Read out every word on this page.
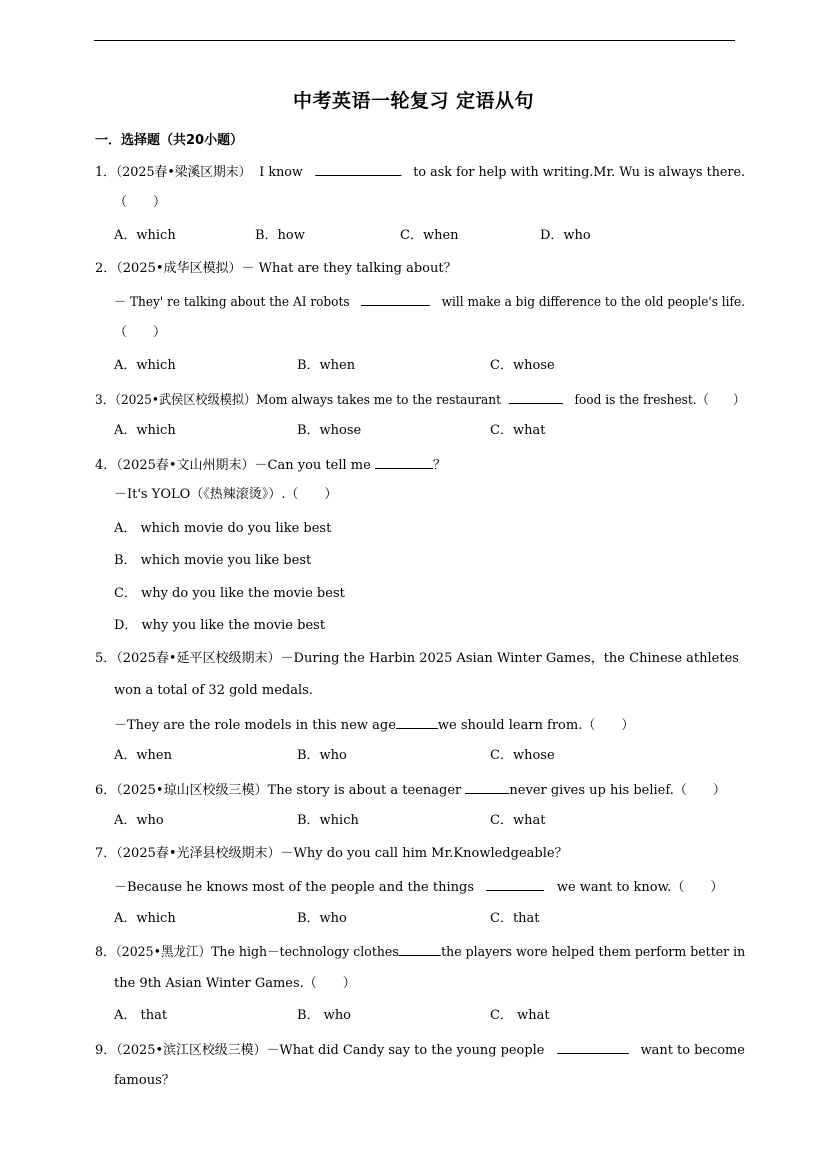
中考英语一轮复习 定语从句
一．选择题（共20小题）
1．（2025春•梁溪区期末） I know	to ask for help with writing.Mr. Wu is always there.
（　　）
A．which	B．how	C．when	D．who
2．（2025•成华区模拟）－ What are they talking about？
－ They' re talking about the AI robots	will make a big difference to the old people's life.
（　　）
A．which	B．when	C．whose
3．（2025•武侯区校级模拟）Mom always takes me to the restaurant	food is the freshest.（　　）
A．which	B．whose	C．what
4．（2025春•文山州期末）－Can you tell me	？
－It's YOLO（《热辣滚烫》）.（　　）
A． which movie do you like best
B． which movie you like best
C． why do you like the movie best
D． why you like the movie best
5．（2025春•延平区校级期末）－During the Harbin 2025 Asian Winter Games，the Chinese athletes
won a total of 32 gold medals.
－They are the role models in this new age	we should learn from.（　　）
A．when	B．who	C．whose
6．（2025•琼山区校级三模）The story is about a teenager	never gives up his belief.（　　）
A．who	B．which	C．what
7．（2025春•光泽县校级期末）－Why do you call him Mr.Knowledgeable？
－Because he knows most of the people and the things	we want to know.（　　）
A．which	B．who	C．that
8．（2025•黑龙江）The high－technology clothes	the players wore helped them perform better in
the 9th Asian Winter Games.（　　）
A． that	B． who	C． what
9．（2025•滨江区校级三模）－What did Candy say to the young people	want to become
famous？
